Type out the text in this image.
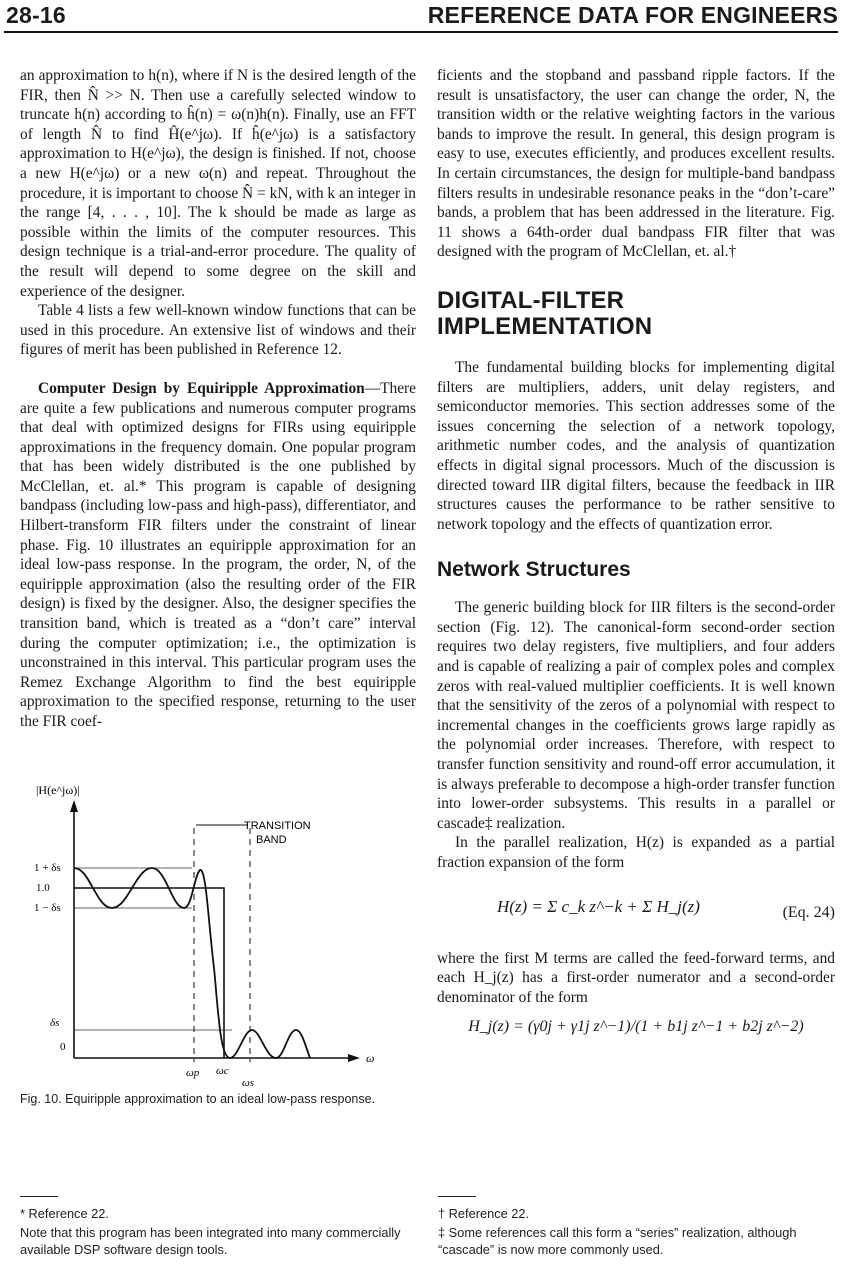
28-16	REFERENCE DATA FOR ENGINEERS

an approximation to h(n), where if N is the desired length of the FIR, then N̂ >> N. Then use a carefully selected window to truncate h(n) according to ĥ(n) = ω(n)h(n). Finally, use an FFT of length N̂ to find Ĥ(e^jω). If ĥ(e^jω) is a satisfactory approximation to H(e^jω), the design is finished. If not, choose a new H(e^jω) or a new ω(n) and repeat. Throughout the procedure, it is important to choose N̂ = kN, with k an integer in the range [4, . . . , 10]. The k should be made as large as possible within the limits of the computer resources. This design technique is a trial-and-error procedure. The quality of the result will depend to some degree on the skill and experience of the designer.

Table 4 lists a few well-known window functions that can be used in this procedure. An extensive list of windows and their figures of merit has been published in Reference 12.

Computer Design by Equiripple Approximation—There are quite a few publications and numerous computer programs that deal with optimized designs for FIRs using equiripple approximations in the frequency domain. One popular program that has been widely distributed is the one published by McClellan, et. al.* This program is capable of designing bandpass (including low-pass and high-pass), differentiator, and Hilbert-transform FIR filters under the constraint of linear phase. Fig. 10 illustrates an equiripple approximation for an ideal low-pass response. In the program, the order, N, of the equiripple approximation (also the resulting order of the FIR design) is fixed by the designer. Also, the designer specifies the transition band, which is treated as a “don’t care” interval during the computer optimization; i.e., the optimization is unconstrained in this interval. This particular program uses the Remez Exchange Algorithm to find the best equiripple approximation to the specified response, returning to the user the FIR coef-

|H(e^jω)|
ω
TRANSITION
BAND
1 + δs
1.0
1 − δs
δs
0
ωp ωc
ωs
Fig. 10. Equiripple approximation to an ideal low-pass response.

ficients and the stopband and passband ripple factors. If the result is unsatisfactory, the user can change the order, N, the transition width or the relative weighting factors in the various bands to improve the result. In general, this design program is easy to use, executes efficiently, and produces excellent results. In certain circumstances, the design for multiple-band bandpass filters results in undesirable resonance peaks in the “don’t-care” bands, a problem that has been addressed in the literature. Fig. 11 shows a 64th-order dual bandpass FIR filter that was designed with the program of McClellan, et. al.†

DIGITAL-FILTER IMPLEMENTATION

The fundamental building blocks for implementing digital filters are multipliers, adders, unit delay registers, and semiconductor memories. This section addresses some of the issues concerning the selection of a network topology, arithmetic number codes, and the analysis of quantization effects in digital signal processors. Much of the discussion is directed toward IIR digital filters, because the feedback in IIR structures causes the performance to be rather sensitive to network topology and the effects of quantization error.

Network Structures

The generic building block for IIR filters is the second-order section (Fig. 12). The canonical-form second-order section requires two delay registers, five multipliers, and four adders and is capable of realizing a pair of complex poles and complex zeros with real-valued multiplier coefficients. It is well known that the sensitivity of the zeros of a polynomial with respect to incremental changes in the coefficients grows large rapidly as the polynomial order increases. Therefore, with respect to transfer function sensitivity and round-off error accumulation, it is always preferable to decompose a high-order transfer function into lower-order subsystems. This results in a parallel or cascade‡ realization.

In the parallel realization, H(z) is expanded as a partial fraction expansion of the form

H(z) = Σ c_k z^−k + Σ H_j(z)	(Eq. 24)

where the first M terms are called the feed-forward terms, and each H_j(z) has a first-order numerator and a second-order denominator of the form

H_j(z) = (γ0j + γ1j z^−1)/(1 + b1j z^−1 + b2j z^−2)

* Reference 22.

Note that this program has been integrated into many commercially available DSP software design tools.

† Reference 22.

‡ Some references call this form a “series” realization, although “cascade” is now more commonly used.
